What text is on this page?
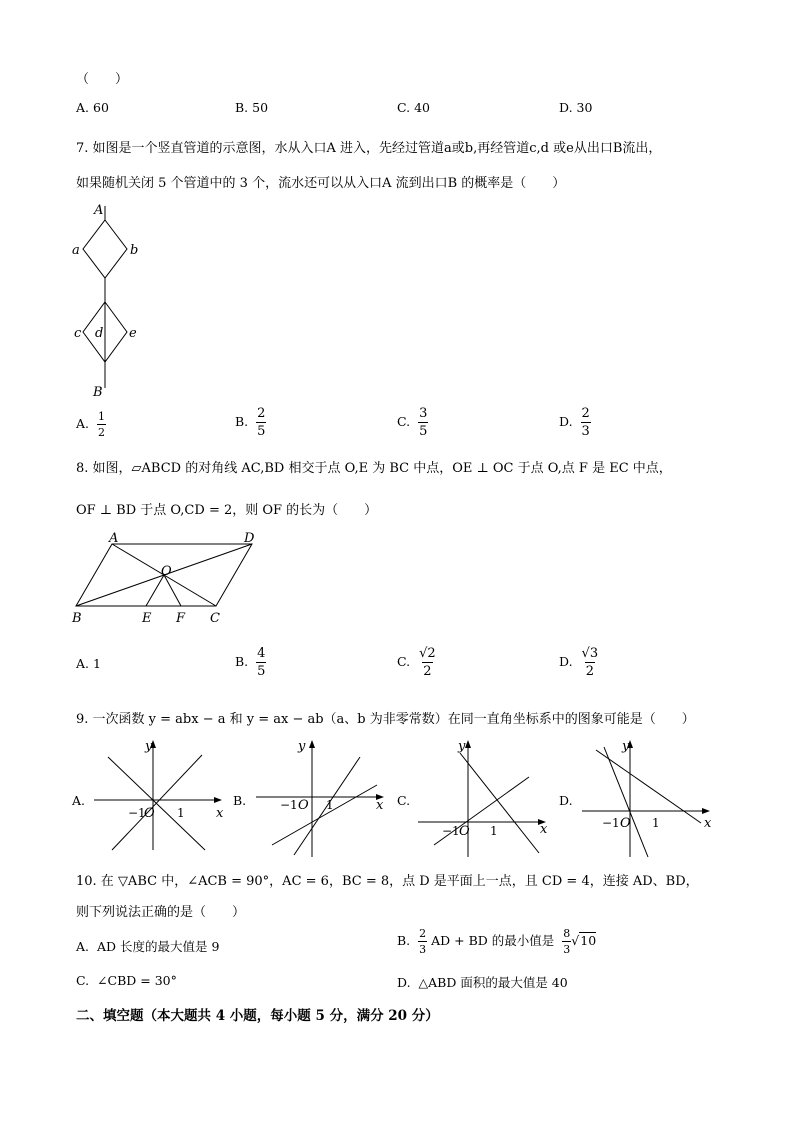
（　　）
A. 60	B. 50	C. 40	D. 30
7. 如图是一个竖直管道的示意图，水从入口A 进入，先经过管道a或b,再经管道c,d 或e从出口B流出，
如果随机关闭 5 个管道中的 3 个，流水还可以从入口A 流到出口B 的概率是（　　）
A
a	b
c d e
B
A. $\frac{1}{2}$	B. $\frac{2}{5}$	C. $\frac{3}{5}$	D. $\frac{2}{3}$
8. 如图，▱ABCD 的对角线 AC,BD 相交于点 O,E 为 BC 中点，OE ⊥ OC 于点 O,点 F 是 EC 中点，
OF ⊥ BD 于点 O,CD = 2，则 OF 的长为（　　）
A	D
O
B	E F C
A. 1	B. $\frac{4}{5}$	C. $\frac{√2}{2}$	D. $\frac{√3}{2}$
9. 一次函数 y = abx − a 和 y = ax − ab（a、b 为非零常数）在同一直角坐标系中的图象可能是（　　）
A.
y
x
−1
O 1
B.
y
x
−1 O 1	C.
y
x
−1 O 1
D.
y
x
−1 O 1
10. 在 ▽ABC 中，∠ACB = 90°，AC = 6，BC = 8，点 D 是平面上一点，且 CD = 4，连接 AD、BD，
则下列说法正确的是（　　）
A. AD 长度的最大值是 9	B. $\frac{2}{3}$ AD + BD 的最小值是 $\frac{8}{3} √10$
C. ∠CBD = 30°	D. △ABD 面积的最大值是 40
二、填空题（本大题共 4 小题，每小题 5 分，满分 20 分）
